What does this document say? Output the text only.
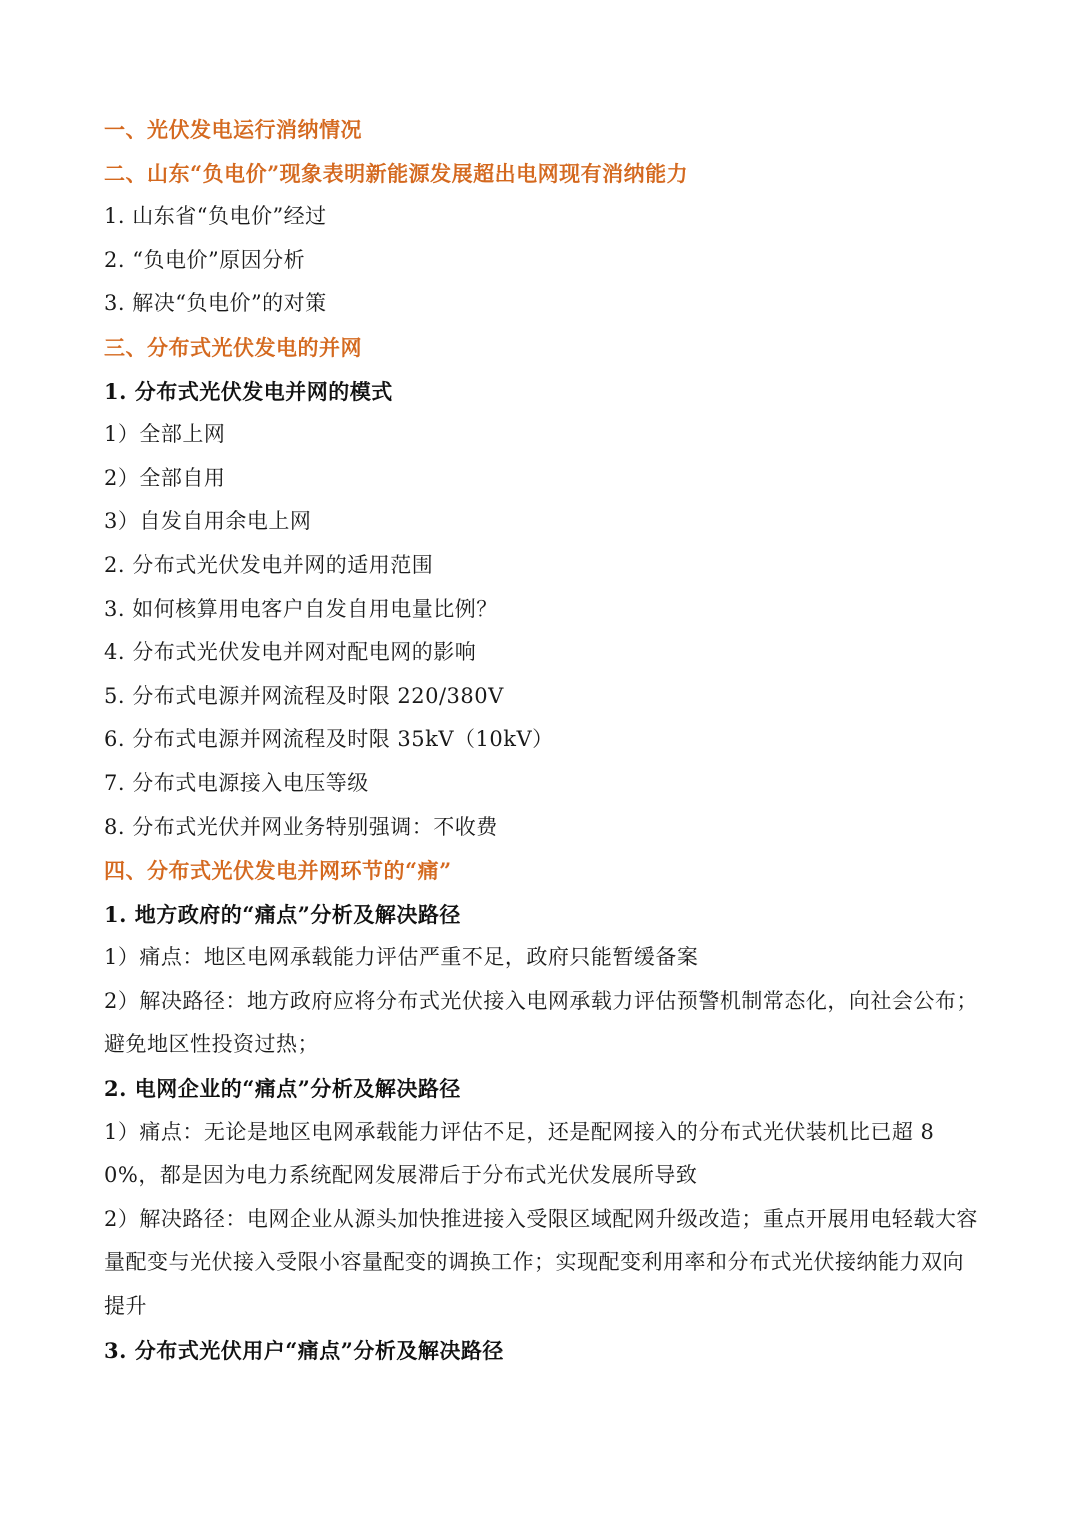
一、光伏发电运行消纳情况
二、山东“负电价”现象表明新能源发展超出电网现有消纳能力
1. 山东省“负电价”经过
2. “负电价”原因分析
3. 解决“负电价”的对策
三、分布式光伏发电的并网
1. 分布式光伏发电并网的模式
1）全部上网
2）全部自用
3）自发自用余电上网
2. 分布式光伏发电并网的适用范围
3. 如何核算用电客户自发自用电量比例？
4. 分布式光伏发电并网对配电网的影响
5. 分布式电源并网流程及时限 220/380V
6. 分布式电源并网流程及时限 35kV（10kV）
7. 分布式电源接入电压等级
8. 分布式光伏并网业务特别强调：不收费
四、分布式光伏发电并网环节的“痛”
1. 地方政府的“痛点”分析及解决路径
1）痛点：地区电网承载能力评估严重不足，政府只能暂缓备案
2）解决路径：地方政府应将分布式光伏接入电网承载力评估预警机制常态化，向社会公布；避免地区性投资过热；
2. 电网企业的“痛点”分析及解决路径
1）痛点：无论是地区电网承载能力评估不足，还是配网接入的分布式光伏装机比已超 80%，都是因为电力系统配网发展滞后于分布式光伏发展所导致
2）解决路径：电网企业从源头加快推进接入受限区域配网升级改造；重点开展用电轻载大容量配变与光伏接入受限小容量配变的调换工作；实现配变利用率和分布式光伏接纳能力双向提升
3. 分布式光伏用户“痛点”分析及解决路径
